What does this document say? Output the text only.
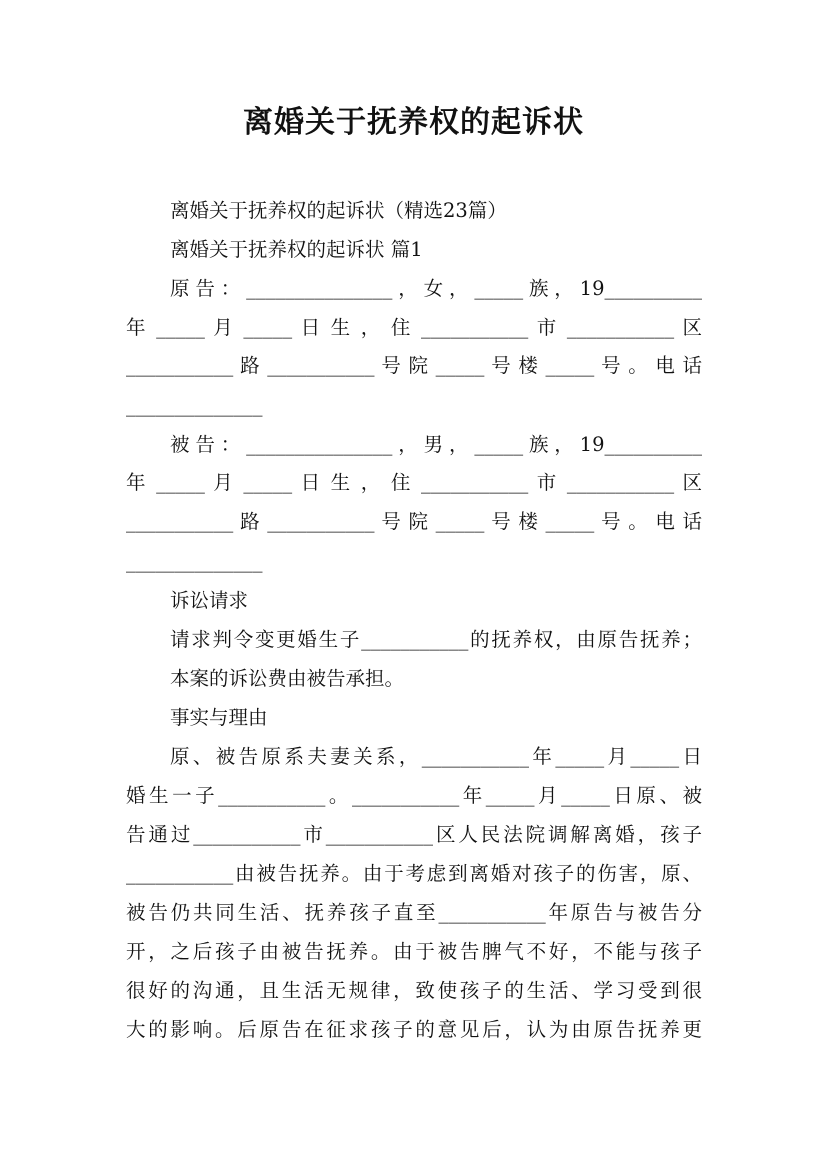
离婚关于抚养权的起诉状

离婚关于抚养权的起诉状（精选23篇）

离婚关于抚养权的起诉状 篇1

原告：_______________，女，_____族，19__________

年 _____ 月 _____ 日 生 ， 住 ___________ 市 ___________ 区

___________ 路 ___________ 号 院 _____ 号 楼 _____ 号 。 电 话

______________

被告：_______________，男，_____族，19__________

年 _____ 月 _____ 日 生 ， 住 ___________ 市 ___________ 区

___________ 路 ___________ 号 院 _____ 号 楼 _____ 号 。 电 话

______________

诉讼请求

请求判令变更婚生子___________的抚养权，由原告抚养；

本案的诉讼费由被告承担。

事实与理由

原、被告原系夫妻关系，___________年_____月_____日

婚生一子___________。___________年_____月_____日原、被

告通过___________市___________区人民法院调解离婚，孩子

___________由被告抚养。由于考虑到离婚对孩子的伤害，原、

被告仍共同生活、抚养孩子直至___________年原告与被告分

开，之后孩子由被告抚养。由于被告脾气不好，不能与孩子

很好的沟通，且生活无规律，致使孩子的生活、学习受到很

大的影响。后原告在征求孩子的意见后，认为由原告抚养更
